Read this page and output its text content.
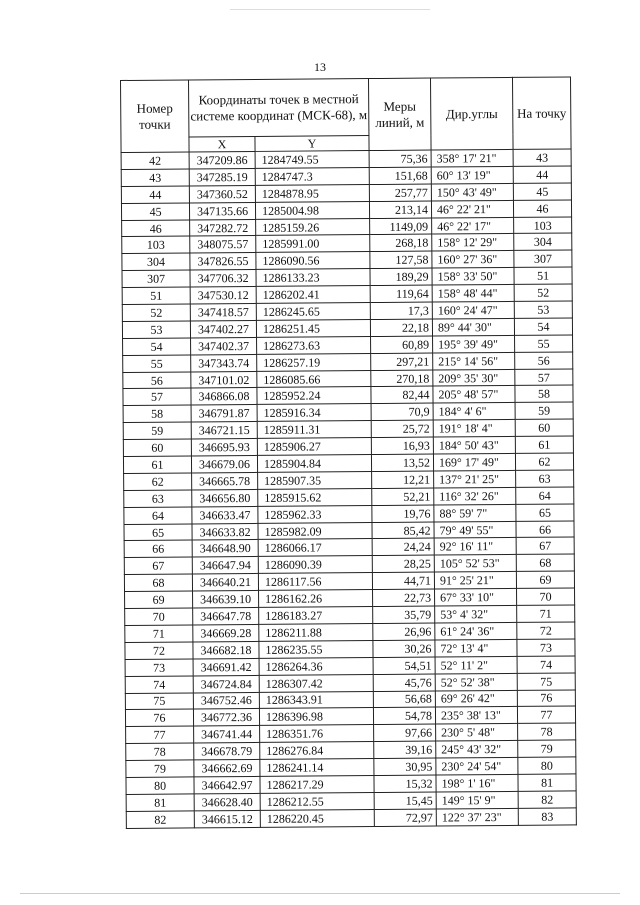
13
Номер точки	Координаты точек в местной системе координат (МСК-68), м		Меры линий, м	Дир.углы	На точку
	X	Y			
42	347209.86	1284749.55	75,36	358° 17' 21"	43
43	347285.19	1284747.3	151,68	60° 13' 19"	44
44	347360.52	1284878.95	257,77	150° 43' 49"	45
45	347135.66	1285004.98	213,14	46° 22' 21"	46
46	347282.72	1285159.26	1149,09	46° 22' 17"	103
103	348075.57	1285991.00	268,18	158° 12' 29"	304
304	347826.55	1286090.56	127,58	160° 27' 36"	307
307	347706.32	1286133.23	189,29	158° 33' 50"	51
51	347530.12	1286202.41	119,64	158° 48' 44"	52
52	347418.57	1286245.65	17,3	160° 24' 47"	53
53	347402.27	1286251.45	22,18	89° 44' 30"	54
54	347402.37	1286273.63	60,89	195° 39' 49"	55
55	347343.74	1286257.19	297,21	215° 14' 56"	56
56	347101.02	1286085.66	270,18	209° 35' 30"	57
57	346866.08	1285952.24	82,44	205° 48' 57"	58
58	346791.87	1285916.34	70,9	184° 4' 6"	59
59	346721.15	1285911.31	25,72	191° 18' 4"	60
60	346695.93	1285906.27	16,93	184° 50' 43"	61
61	346679.06	1285904.84	13,52	169° 17' 49"	62
62	346665.78	1285907.35	12,21	137° 21' 25"	63
63	346656.80	1285915.62	52,21	116° 32' 26"	64
64	346633.47	1285962.33	19,76	88° 59' 7"	65
65	346633.82	1285982.09	85,42	79° 49' 55"	66
66	346648.90	1286066.17	24,24	92° 16' 11"	67
67	346647.94	1286090.39	28,25	105° 52' 53"	68
68	346640.21	1286117.56	44,71	91° 25' 21"	69
69	346639.10	1286162.26	22,73	67° 33' 10"	70
70	346647.78	1286183.27	35,79	53° 4' 32"	71
71	346669.28	1286211.88	26,96	61° 24' 36"	72
72	346682.18	1286235.55	30,26	72° 13' 4"	73
73	346691.42	1286264.36	54,51	52° 11' 2"	74
74	346724.84	1286307.42	45,76	52° 52' 38"	75
75	346752.46	1286343.91	56,68	69° 26' 42"	76
76	346772.36	1286396.98	54,78	235° 38' 13"	77
77	346741.44	1286351.76	97,66	230° 5' 48"	78
78	346678.79	1286276.84	39,16	245° 43' 32"	79
79	346662.69	1286241.14	30,95	230° 24' 54"	80
80	346642.97	1286217.29	15,32	198° 1' 16"	81
81	346628.40	1286212.55	15,45	149° 15' 9"	82
82	346615.12	1286220.45	72,97	122° 37' 23"	83
